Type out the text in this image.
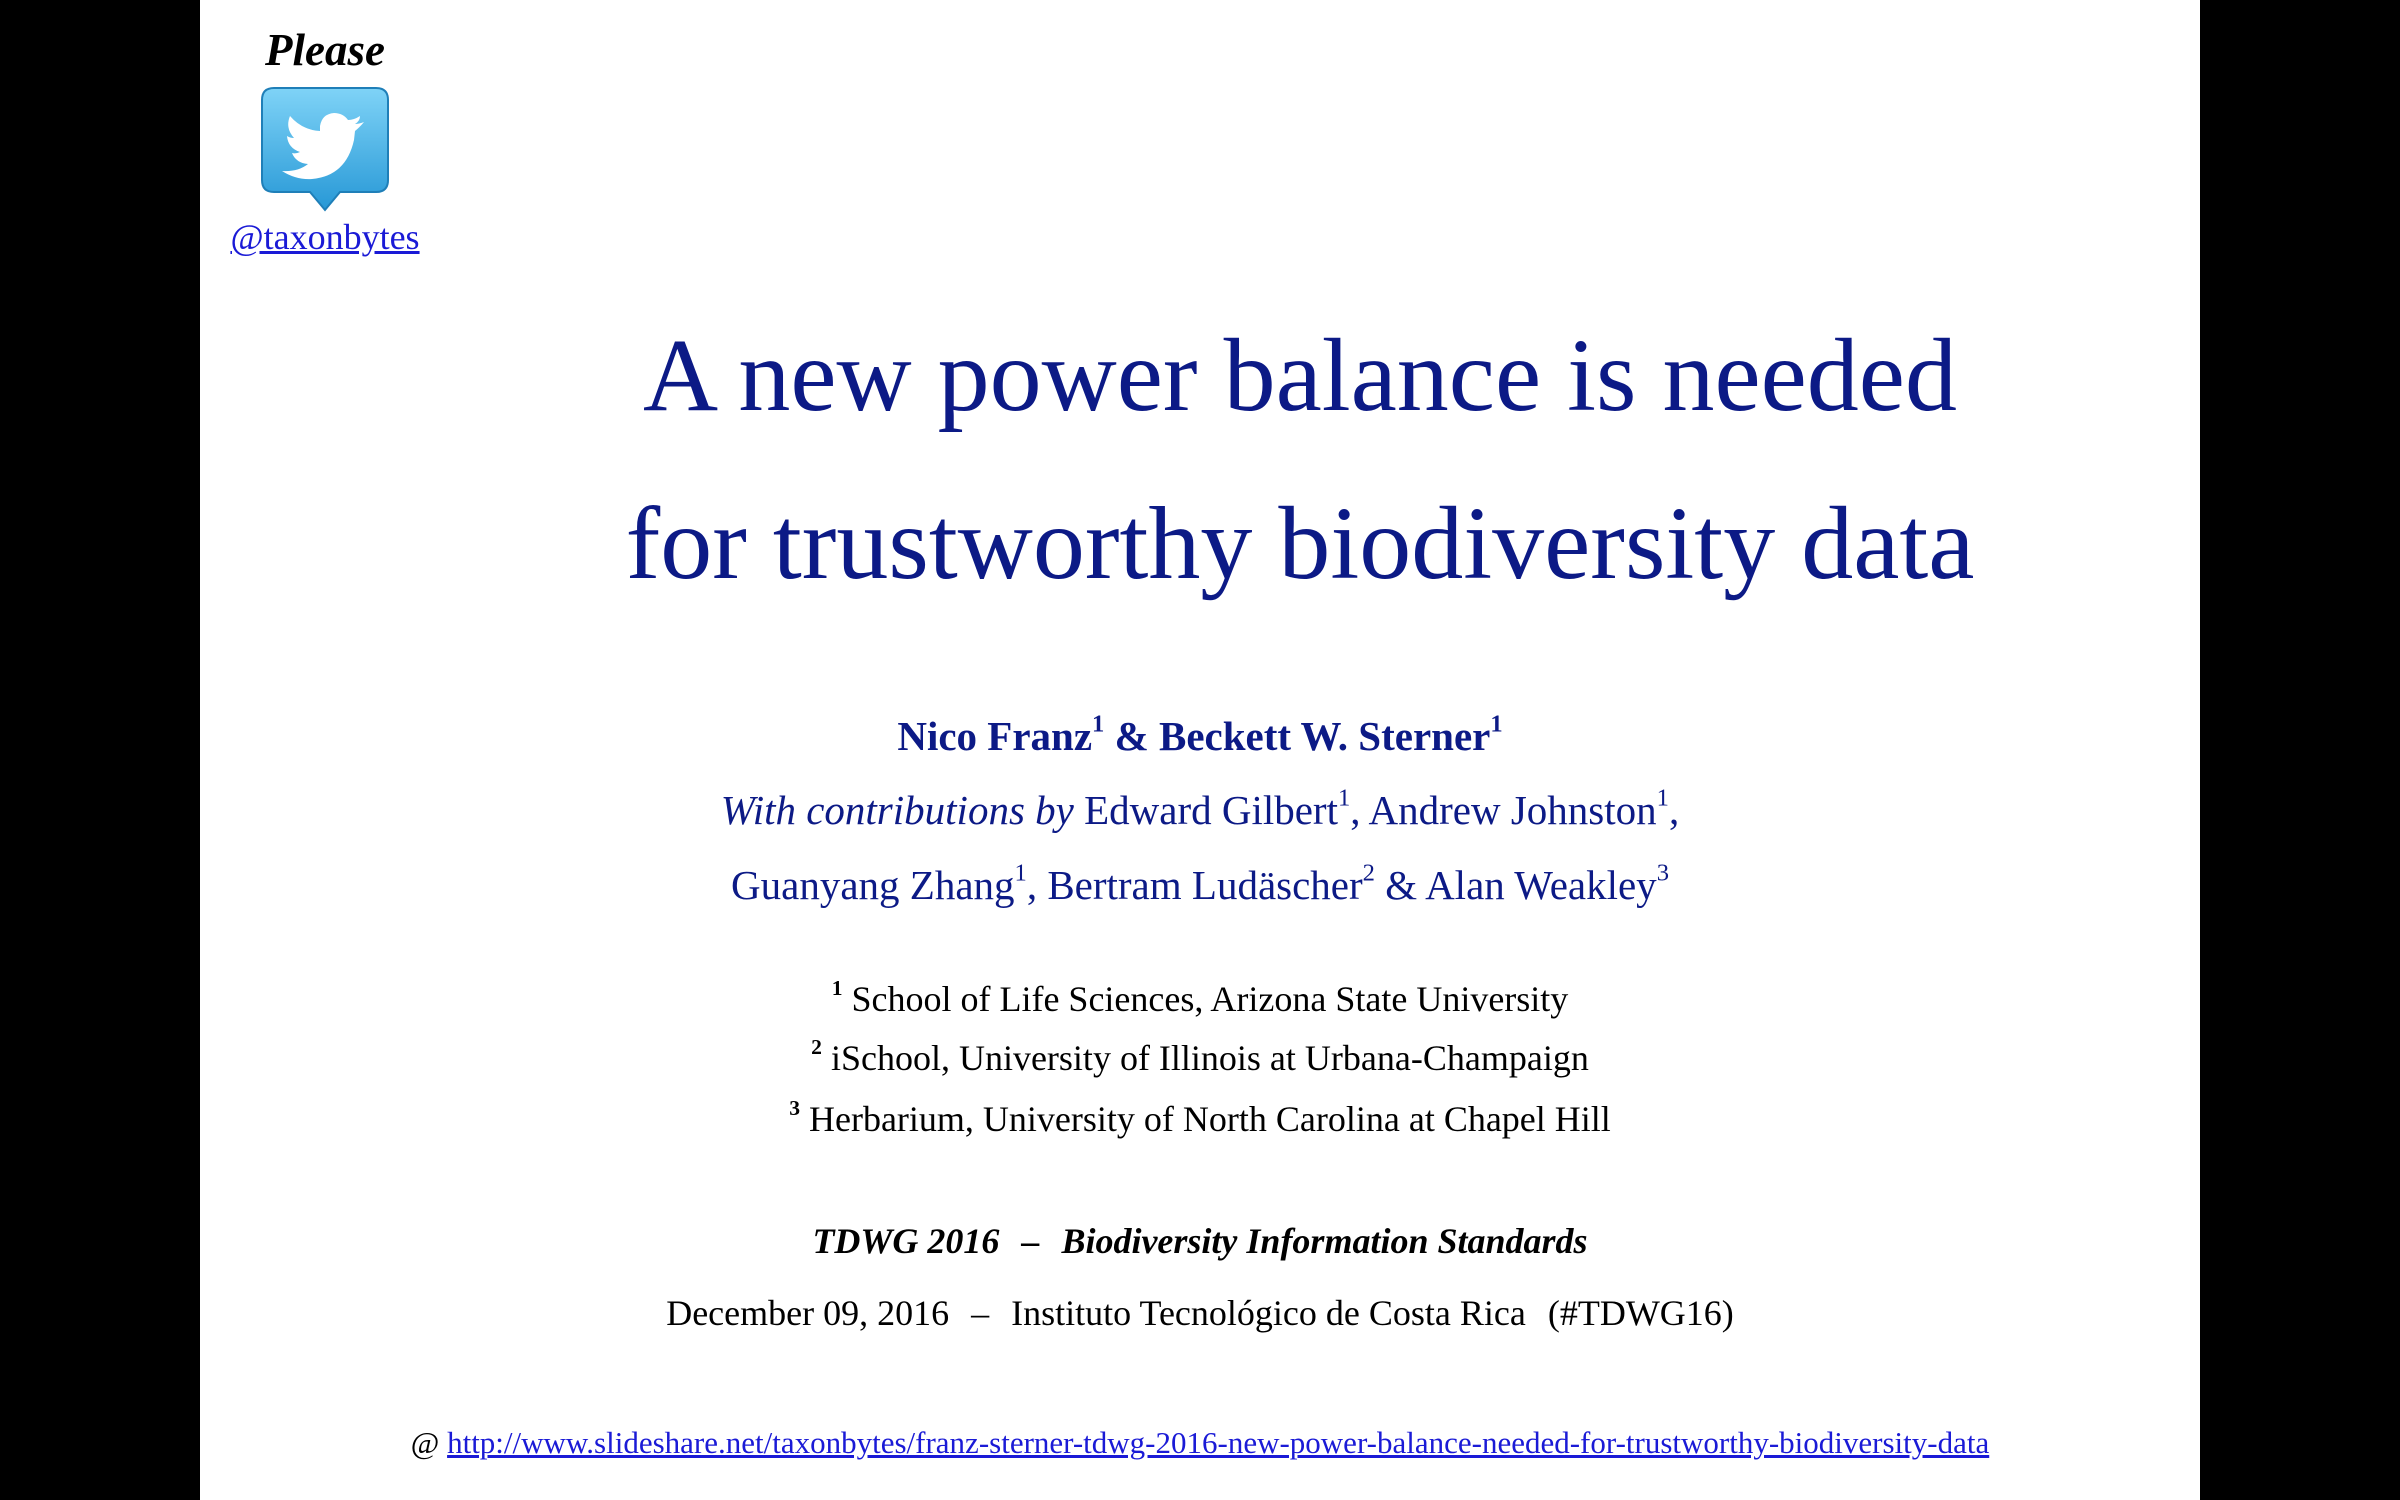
Please
@taxonbytes
A new power balance is needed
for trustworthy biodiversity data
Nico Franz$^1$ & Beckett W. Sterner$^1$
With contributions by Edward Gilbert$^1$, Andrew Johnston$^1$,
Guanyang Zhang$^1$, Bertram Ludäscher$^2$ & Alan Weakley$^3$
$^1$ School of Life Sciences, Arizona State University
$^2$ iSchool, University of Illinois at Urbana-Champaign
$^3$ Herbarium, University of North Carolina at Chapel Hill
TDWG 2016 – Biodiversity Information Standards
December 09, 2016 – Instituto Tecnológico de Costa Rica (#TDWG16)
@ http://www.slideshare.net/taxonbytes/franz-sterner-tdwg-2016-new-power-balance-needed-for-trustworthy-biodiversity-data
